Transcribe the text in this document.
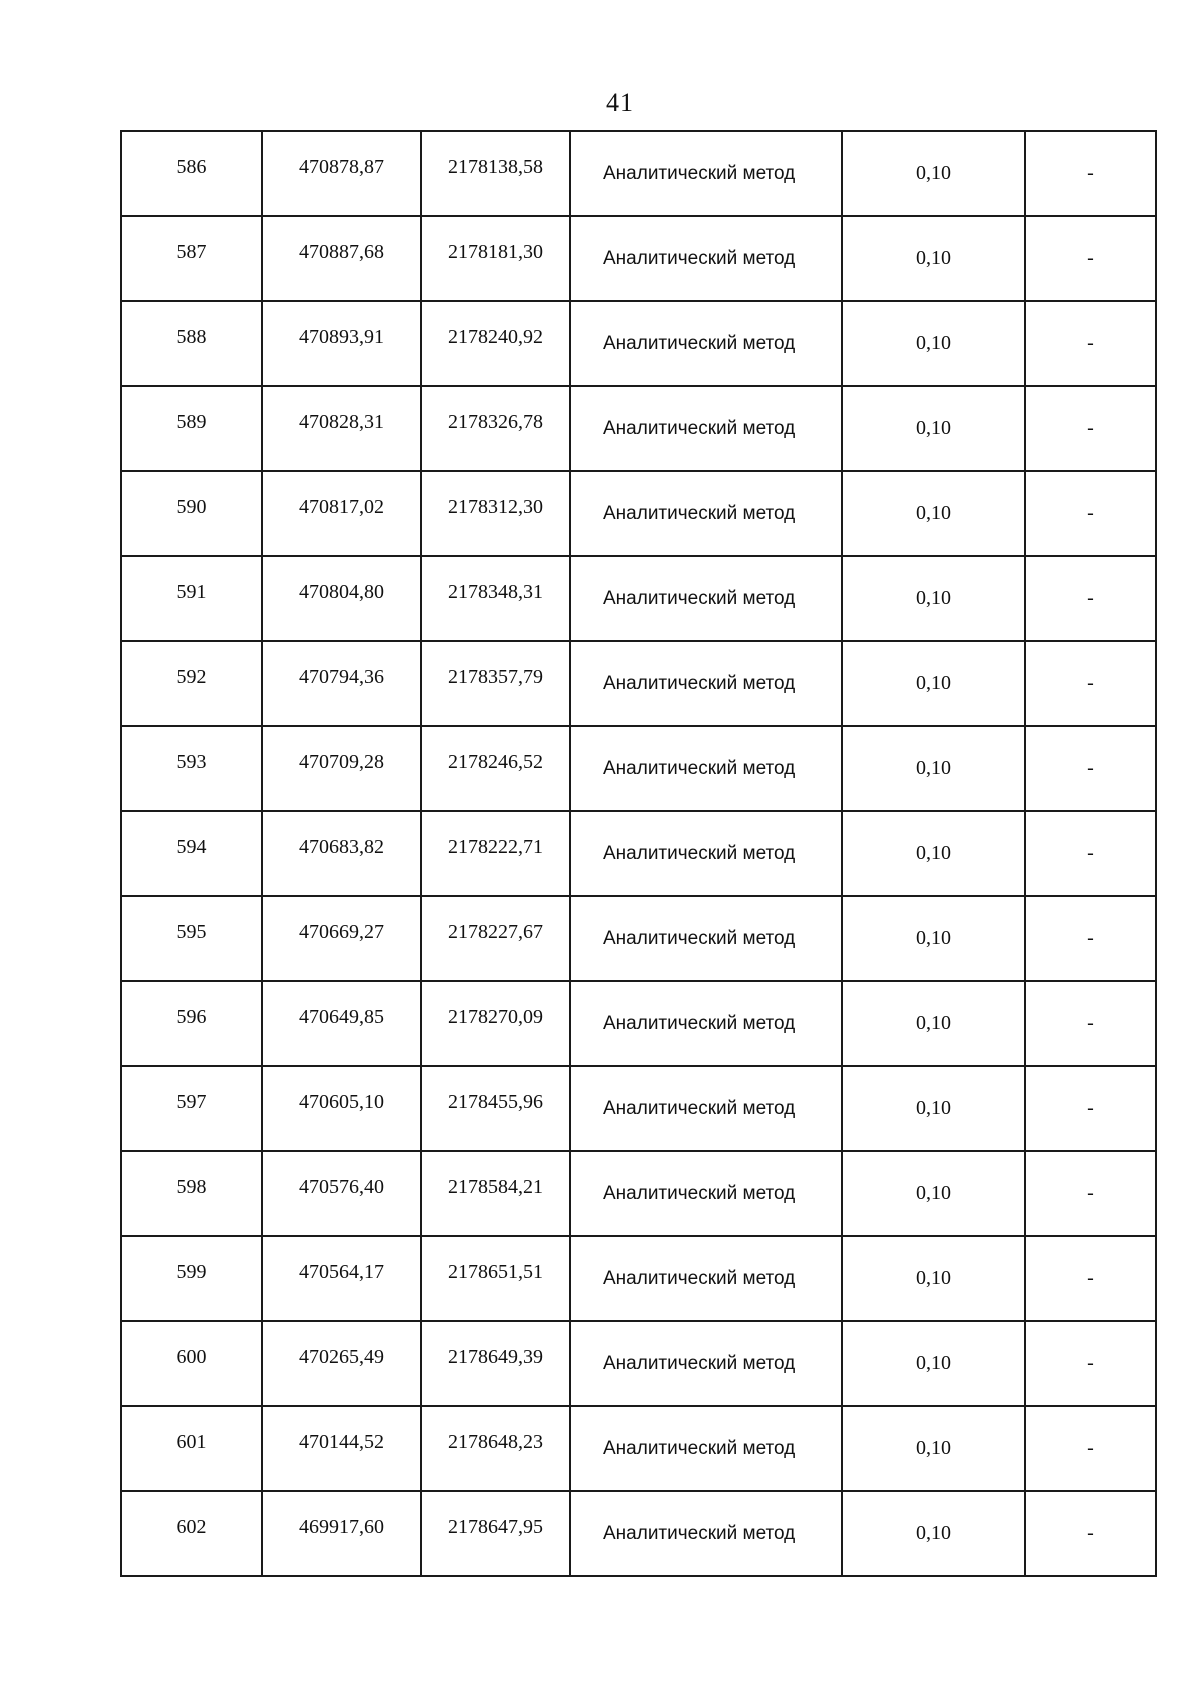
41
586	470878,87	2178138,58	Аналитический метод	0,10	-
587	470887,68	2178181,30	Аналитический метод	0,10	-
588	470893,91	2178240,92	Аналитический метод	0,10	-
589	470828,31	2178326,78	Аналитический метод	0,10	-
590	470817,02	2178312,30	Аналитический метод	0,10	-
591	470804,80	2178348,31	Аналитический метод	0,10	-
592	470794,36	2178357,79	Аналитический метод	0,10	-
593	470709,28	2178246,52	Аналитический метод	0,10	-
594	470683,82	2178222,71	Аналитический метод	0,10	-
595	470669,27	2178227,67	Аналитический метод	0,10	-
596	470649,85	2178270,09	Аналитический метод	0,10	-
597	470605,10	2178455,96	Аналитический метод	0,10	-
598	470576,40	2178584,21	Аналитический метод	0,10	-
599	470564,17	2178651,51	Аналитический метод	0,10	-
600	470265,49	2178649,39	Аналитический метод	0,10	-
601	470144,52	2178648,23	Аналитический метод	0,10	-
602	469917,60	2178647,95	Аналитический метод	0,10	-
